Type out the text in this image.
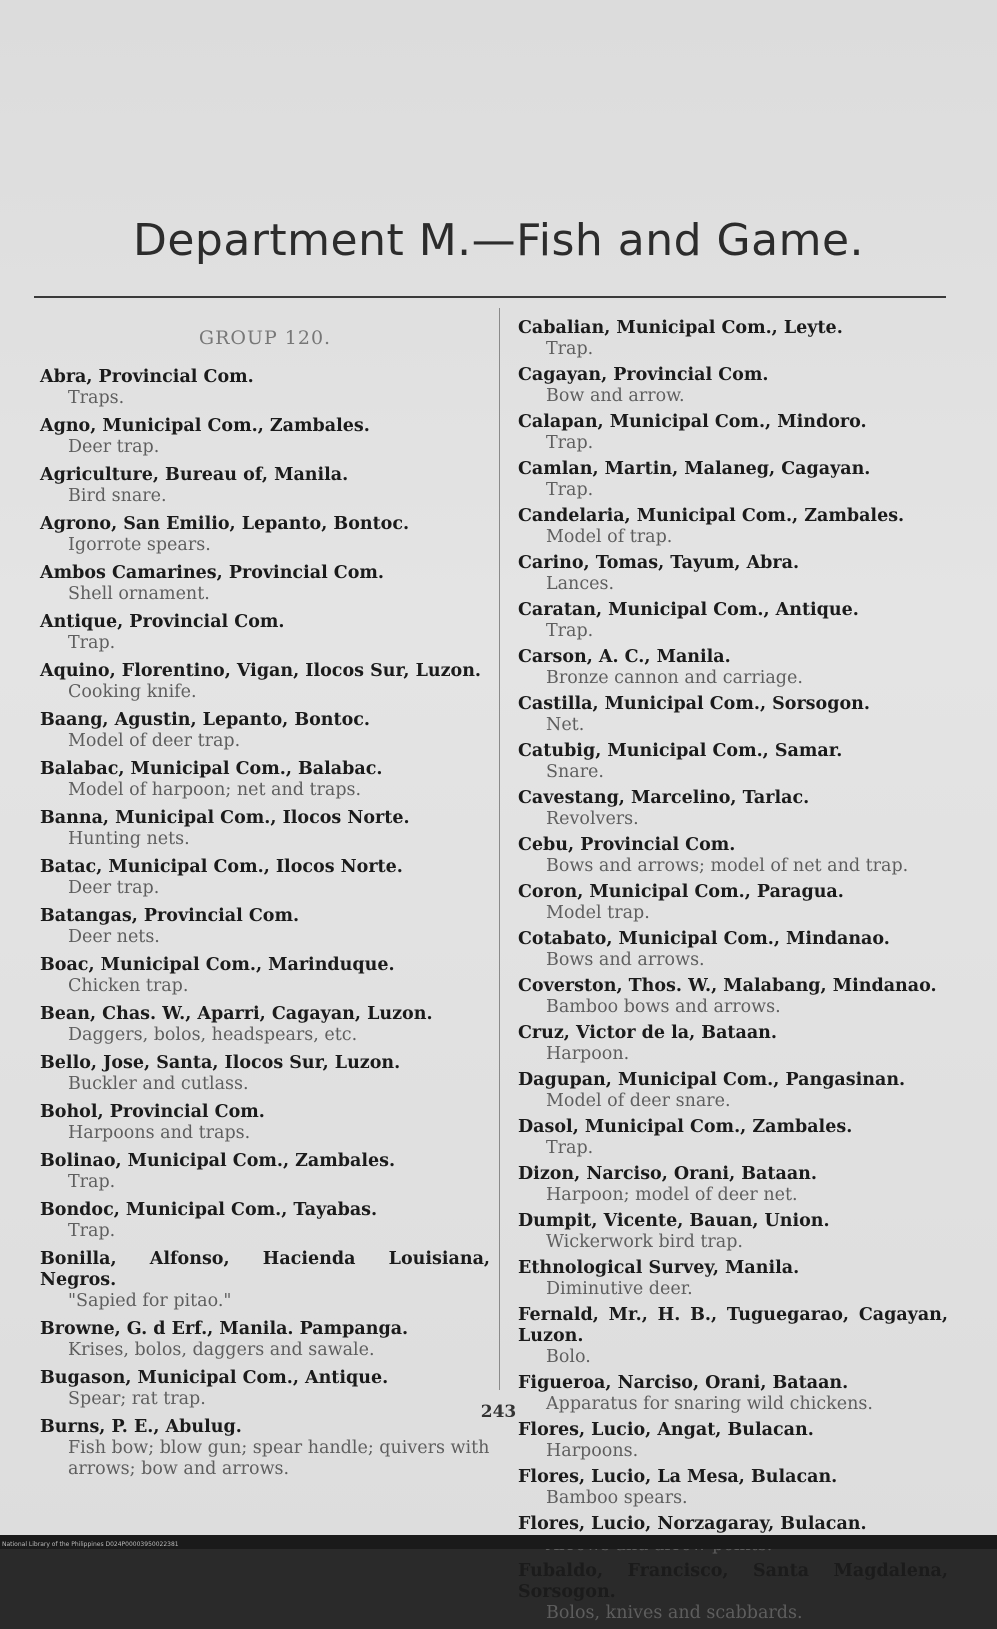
Department M.—Fish and Game.
GROUP 120.
Abra, Provincial Com.
Traps.
Agno, Municipal Com., Zambales.
Deer trap.
Agriculture, Bureau of, Manila.
Bird snare.
Agrono, San Emilio, Lepanto, Bontoc.
Igorrote spears.
Ambos Camarines, Provincial Com.
Shell ornament.
Antique, Provincial Com.
Trap.
Aquino, Florentino, Vigan, Ilocos Sur, Luzon.
Cooking knife.
Baang, Agustin, Lepanto, Bontoc.
Model of deer trap.
Balabac, Municipal Com., Balabac.
Model of harpoon; net and traps.
Banna, Municipal Com., Ilocos Norte.
Hunting nets.
Batac, Municipal Com., Ilocos Norte.
Deer trap.
Batangas, Provincial Com.
Deer nets.
Boac, Municipal Com., Marinduque.
Chicken trap.
Bean, Chas. W., Aparri, Cagayan, Luzon.
Daggers, bolos, headspears, etc.
Bello, Jose, Santa, Ilocos Sur, Luzon.
Buckler and cutlass.
Bohol, Provincial Com.
Harpoons and traps.
Bolinao, Municipal Com., Zambales.
Trap.
Bondoc, Municipal Com., Tayabas.
Trap.
Bonilla, Alfonso, Hacienda Louisiana, Negros.
"Sapied for pitao."
Browne, G. d Erf., Manila. Pampanga.
Krises, bolos, daggers and sawale.
Bugason, Municipal Com., Antique.
Spear; rat trap.
Burns, P. E., Abulug.
Fish bow; blow gun; spear handle; quivers with arrows; bow and arrows.
Cabalian, Municipal Com., Leyte.
Trap.
Cagayan, Provincial Com.
Bow and arrow.
Calapan, Municipal Com., Mindoro.
Trap.
Camlan, Martin, Malaneg, Cagayan.
Trap.
Candelaria, Municipal Com., Zambales.
Model of trap.
Carino, Tomas, Tayum, Abra.
Lances.
Caratan, Municipal Com., Antique.
Trap.
Carson, A. C., Manila.
Bronze cannon and carriage.
Castilla, Municipal Com., Sorsogon.
Net.
Catubig, Municipal Com., Samar.
Snare.
Cavestang, Marcelino, Tarlac.
Revolvers.
Cebu, Provincial Com.
Bows and arrows; model of net and trap.
Coron, Municipal Com., Paragua.
Model trap.
Cotabato, Municipal Com., Mindanao.
Bows and arrows.
Coverston, Thos. W., Malabang, Mindanao.
Bamboo bows and arrows.
Cruz, Victor de la, Bataan.
Harpoon.
Dagupan, Municipal Com., Pangasinan.
Model of deer snare.
Dasol, Municipal Com., Zambales.
Trap.
Dizon, Narciso, Orani, Bataan.
Harpoon; model of deer net.
Dumpit, Vicente, Bauan, Union.
Wickerwork bird trap.
Ethnological Survey, Manila.
Diminutive deer.
Fernald, Mr., H. B., Tuguegarao, Cagayan, Luzon.
Bolo.
Figueroa, Narciso, Orani, Bataan.
Apparatus for snaring wild chickens.
Flores, Lucio, Angat, Bulacan.
Harpoons.
Flores, Lucio, La Mesa, Bulacan.
Bamboo spears.
Flores, Lucio, Norzagaray, Bulacan.
Fubaldo, Francisco, Santa Magdalena, Sorsogon.
Bolos, knives and scabbards.
243
National Library of the Philippines D024P00003950022381
